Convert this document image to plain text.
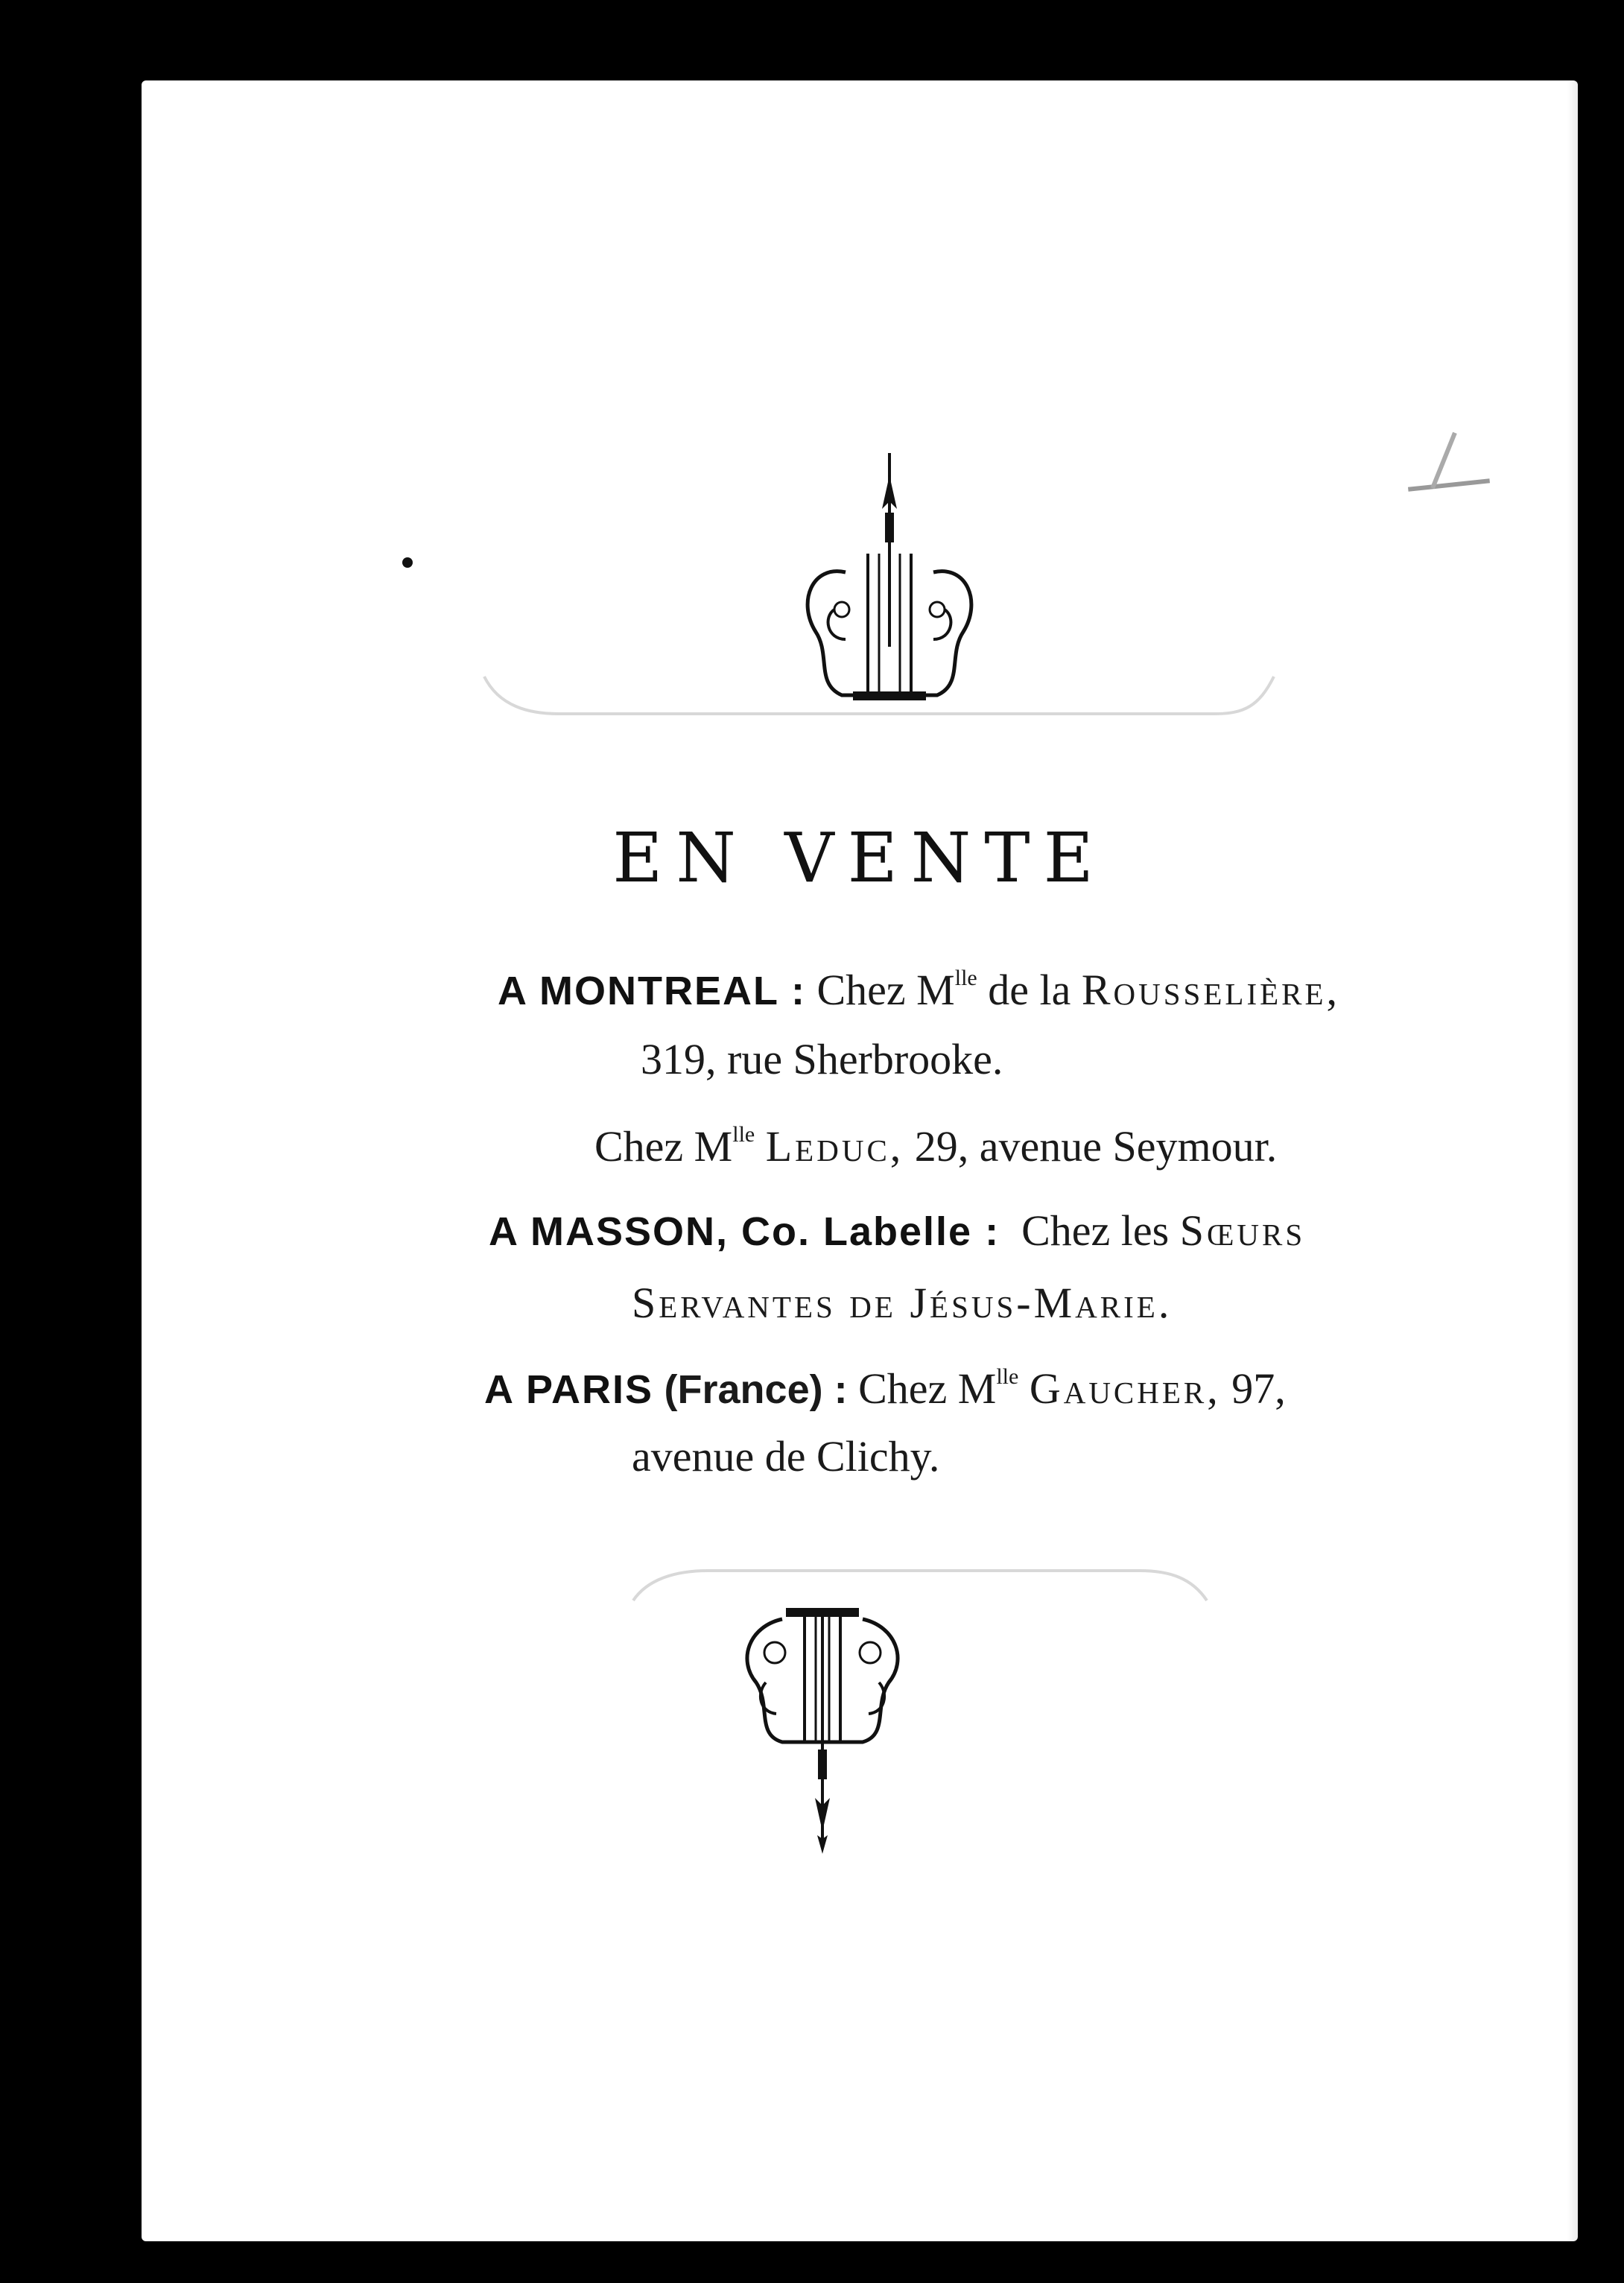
EN VENTE
A MONTREAL : Chez $M^{lle}$ de la Rousselière,
319, rue Sherbrooke.
Chez $M^{lle}$ Leduc, 29, avenue Seymour.
A MASSON, Co. Labelle : Chez les Sœurs
Servantes de Jésus-Marie.
A PARIS (France) : Chez $M^{lle}$ Gaucher, 97,
avenue de Clichy.
